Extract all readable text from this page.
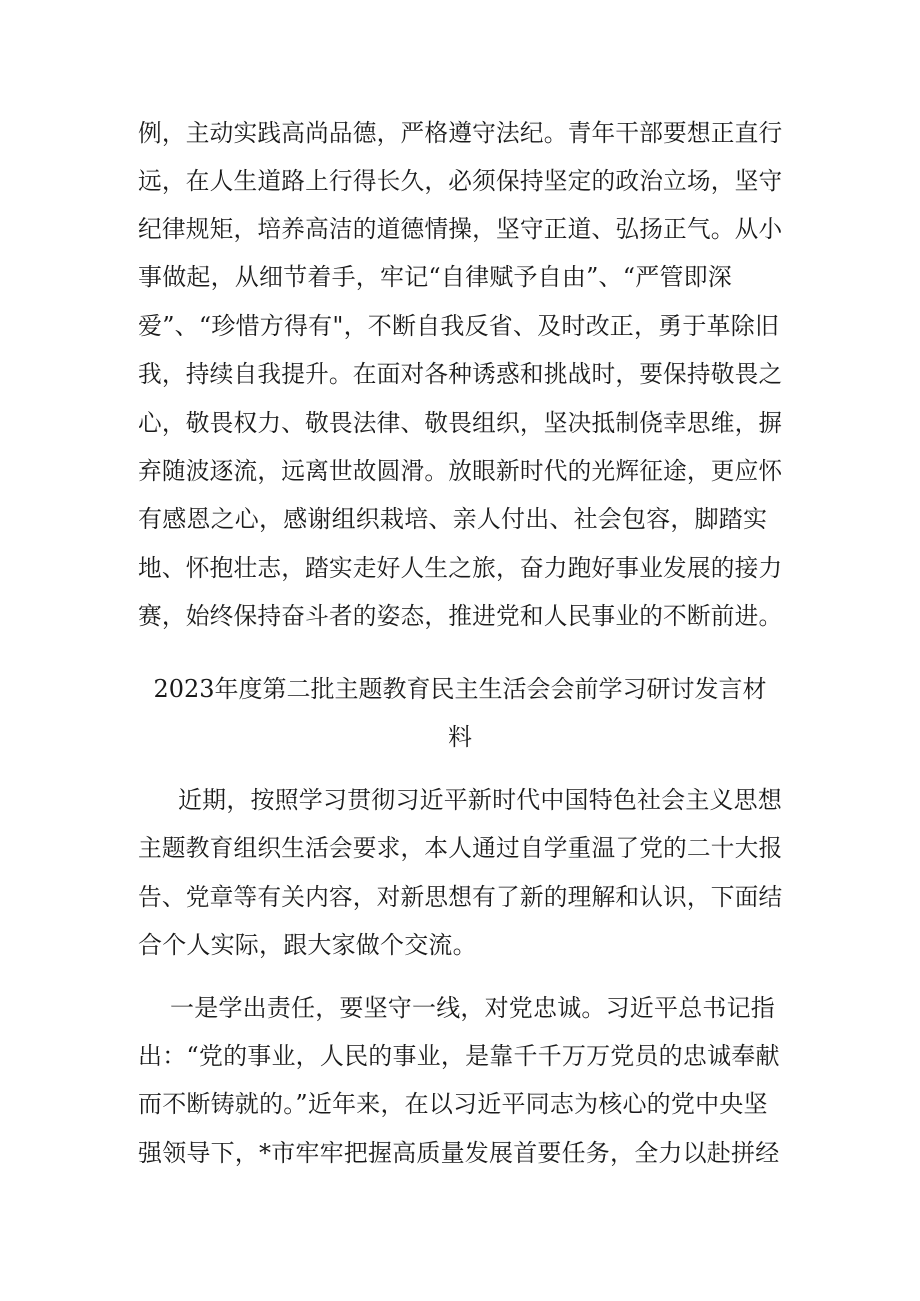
例，主动实践高尚品德，严格遵守法纪。青年干部要想正直行
远，在人生道路上行得长久，必须保持坚定的政治立场，坚守
纪律规矩，培养高洁的道德情操，坚守正道、弘扬正气。从小
事做起，从细节着手，牢记“自律赋予自由”、“严管即深
爱”、“珍惜方得有"，不断自我反省、及时改正，勇于革除旧
我，持续自我提升。在面对各种诱惑和挑战时，要保持敬畏之
心，敬畏权力、敬畏法律、敬畏组织，坚决抵制侥幸思维，摒
弃随波逐流，远离世故圆滑。放眼新时代的光辉征途，更应怀
有感恩之心，感谢组织栽培、亲人付出、社会包容，脚踏实
地、怀抱壮志，踏实走好人生之旅，奋力跑好事业发展的接力
赛，始终保持奋斗者的姿态，推进党和人民事业的不断前进。
2023年度第二批主题教育民主生活会会前学习研讨发言材
料
近期，按照学习贯彻习近平新时代中国特色社会主义思想
主题教育组织生活会要求，本人通过自学重温了党的二十大报
告、党章等有关内容，对新思想有了新的理解和认识，下面结
合个人实际，跟大家做个交流。
一是学出责任，要坚守一线，对党忠诚。习近平总书记指
出：“党的事业，人民的事业，是靠千千万万党员的忠诚奉献
而不断铸就的。”近年来，在以习近平同志为核心的党中央坚
强领导下，*市牢牢把握高质量发展首要任务，全力以赴拼经
